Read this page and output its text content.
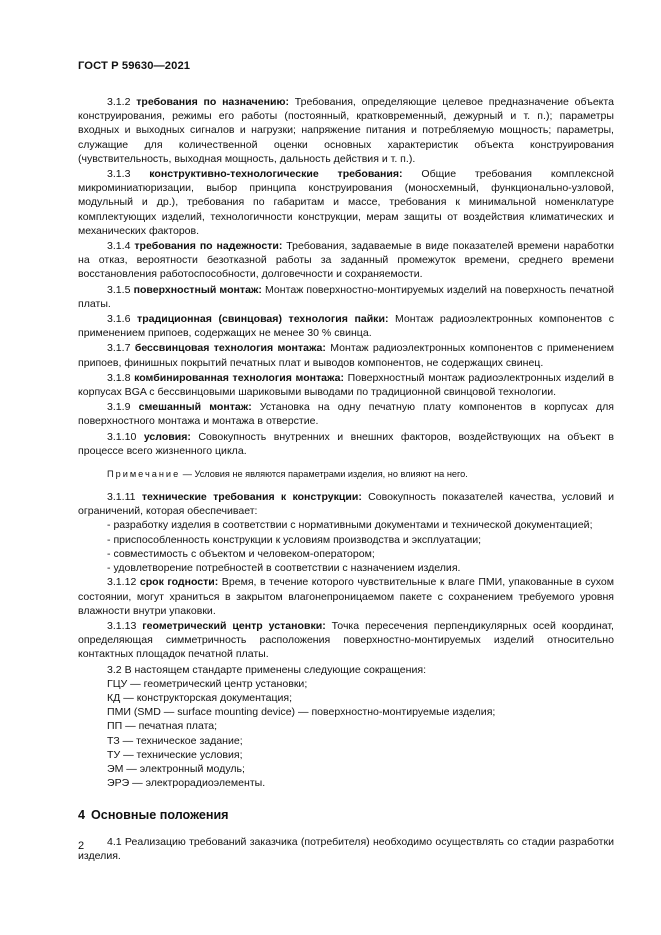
ГОСТ Р 59630—2021

3.1.2 требования по назначению: Требования, определяющие целевое предназначение объекта конструирования, режимы его работы (постоянный, кратковременный, дежурный и т. п.); параметры входных и выходных сигналов и нагрузки; напряжение питания и потребляемую мощность; параметры, служащие для количественной оценки основных характеристик объекта конструирования (чувствительность, выходная мощность, дальность действия и т. п.).

3.1.3 конструктивно-технологические требования: Общие требования комплексной микроминиатюризации, выбор принципа конструирования (моносхемный, функционально-узловой, модульный и др.), требования по габаритам и массе, требования к минимальной номенклатуре комплектующих изделий, технологичности конструкции, мерам защиты от воздействия климатических и механических факторов.

3.1.4 требования по надежности: Требования, задаваемые в виде показателей времени наработки на отказ, вероятности безотказной работы за заданный промежуток времени, среднего времени восстановления работоспособности, долговечности и сохраняемости.

3.1.5 поверхностный монтаж: Монтаж поверхностно-монтируемых изделий на поверхность печатной платы.

3.1.6 традиционная (свинцовая) технология пайки: Монтаж радиоэлектронных компонентов с применением припоев, содержащих не менее 30 % свинца.

3.1.7 бессвинцовая технология монтажа: Монтаж радиоэлектронных компонентов с применением припоев, финишных покрытий печатных плат и выводов компонентов, не содержащих свинец.

3.1.8 комбинированная технология монтажа: Поверхностный монтаж радиоэлектронных изделий в корпусах BGA с бессвинцовыми шариковыми выводами по традиционной свинцовой технологии.

3.1.9 смешанный монтаж: Установка на одну печатную плату компонентов в корпусах для поверхностного монтажа и монтажа в отверстие.

3.1.10 условия: Совокупность внутренних и внешних факторов, воздействующих на объект в процессе всего жизненного цикла.

Примечание — Условия не являются параметрами изделия, но влияют на него.

3.1.11 технические требования к конструкции: Совокупность показателей качества, условий и ограничений, которая обеспечивает:

- разработку изделия в соответствии с нормативными документами и технической документацией;

- приспособленность конструкции к условиям производства и эксплуатации;

- совместимость с объектом и человеком-оператором;

- удовлетворение потребностей в соответствии с назначением изделия.

3.1.12 срок годности: Время, в течение которого чувствительные к влаге ПМИ, упакованные в сухом состоянии, могут храниться в закрытом влагонепроницаемом пакете с сохранением требуемого уровня влажности внутри упаковки.

3.1.13 геометрический центр установки: Точка пересечения перпендикулярных осей координат, определяющая симметричность расположения поверхностно-монтируемых изделий относительно контактных площадок печатной платы.

3.2 В настоящем стандарте применены следующие сокращения:

ГЦУ — геометрический центр установки;

КД — конструкторская документация;

ПМИ (SMD — surface mounting device) — поверхностно-монтируемые изделия;

ПП — печатная плата;

ТЗ — техническое задание;

ТУ — технические условия;

ЭМ — электронный модуль;

ЭРЭ — электрорадиоэлементы.

4 Основные положения

4.1 Реализацию требований заказчика (потребителя) необходимо осуществлять со стадии разработки изделия.

2
